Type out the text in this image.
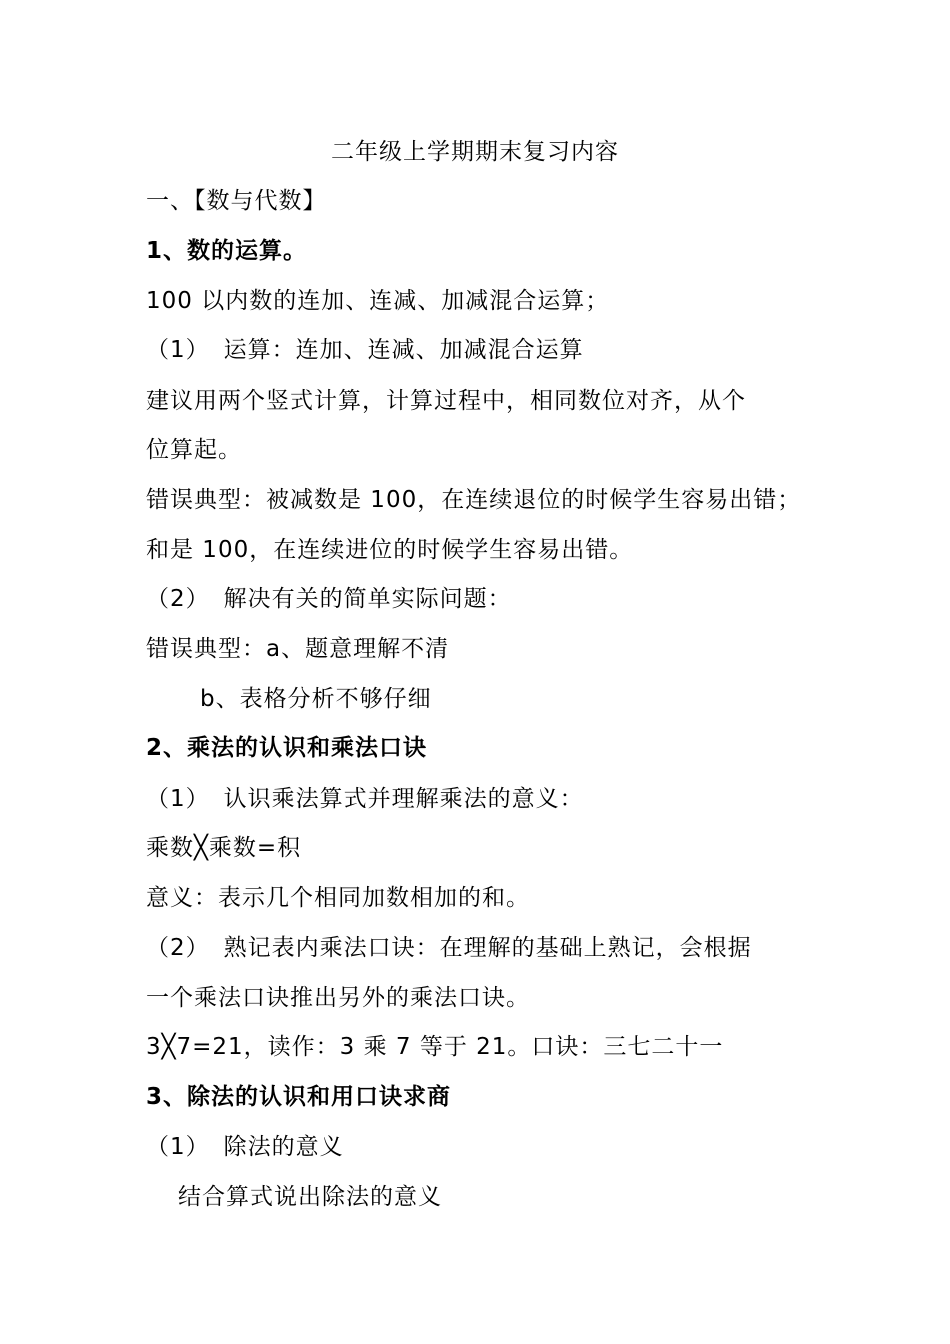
二年级上学期期末复习内容
一、【数与代数】
1、数的运算。
100 以内数的连加、连减、加减混合运算；
（1） 运算：连加、连减、加减混合运算
建议用两个竖式计算，计算过程中，相同数位对齐，从个
位算起。
错误典型：被减数是 100，在连续退位的时候学生容易出错；
和是 100，在连续进位的时候学生容易出错。
（2） 解决有关的简单实际问题：
错误典型：a、题意理解不清
b、表格分析不够仔细
2、乘法的认识和乘法口诀
（1） 认识乘法算式并理解乘法的意义：
乘数╳乘数=积
意义：表示几个相同加数相加的和。
（2） 熟记表内乘法口诀：在理解的基础上熟记，会根据
一个乘法口诀推出另外的乘法口诀。
3╳7=21，读作：3 乘 7 等于 21。口诀：三七二十一
3、除法的认识和用口诀求商
（1） 除法的意义
结合算式说出除法的意义
